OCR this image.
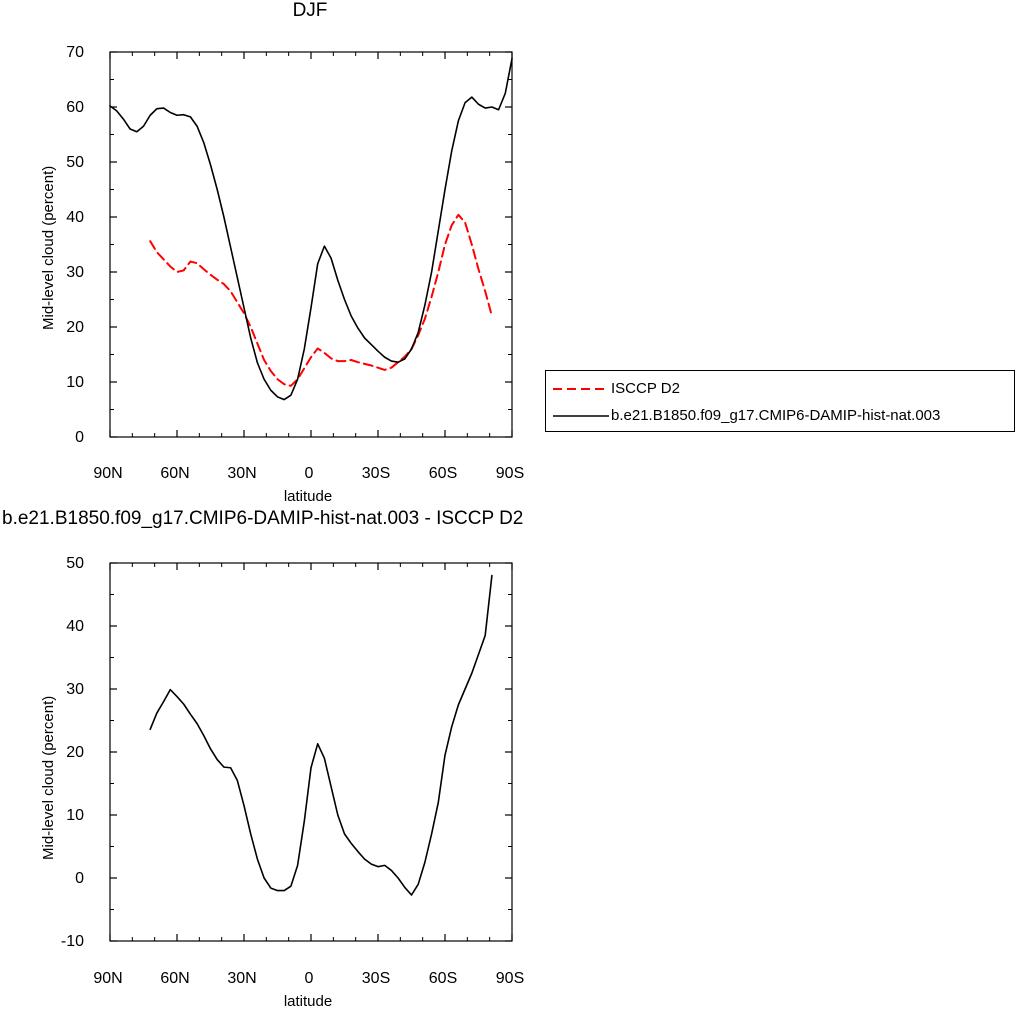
DJF
Mid-level cloud (percent)
70
60
50
40
30
20
10
0
90N	60N	30N	0	30S	60S	90S
latitude
ISCCP D2
b.e21.B1850.f09_g17.CMIP6-DAMIP-hist-nat.003
b.e21.B1850.f09_g17.CMIP6-DAMIP-hist-nat.003 - ISCCP D2
Mid-level cloud (percent)
50
40
30
20
10
0
-10
90N	60N	30N	0	30S	60S	90S
latitude
